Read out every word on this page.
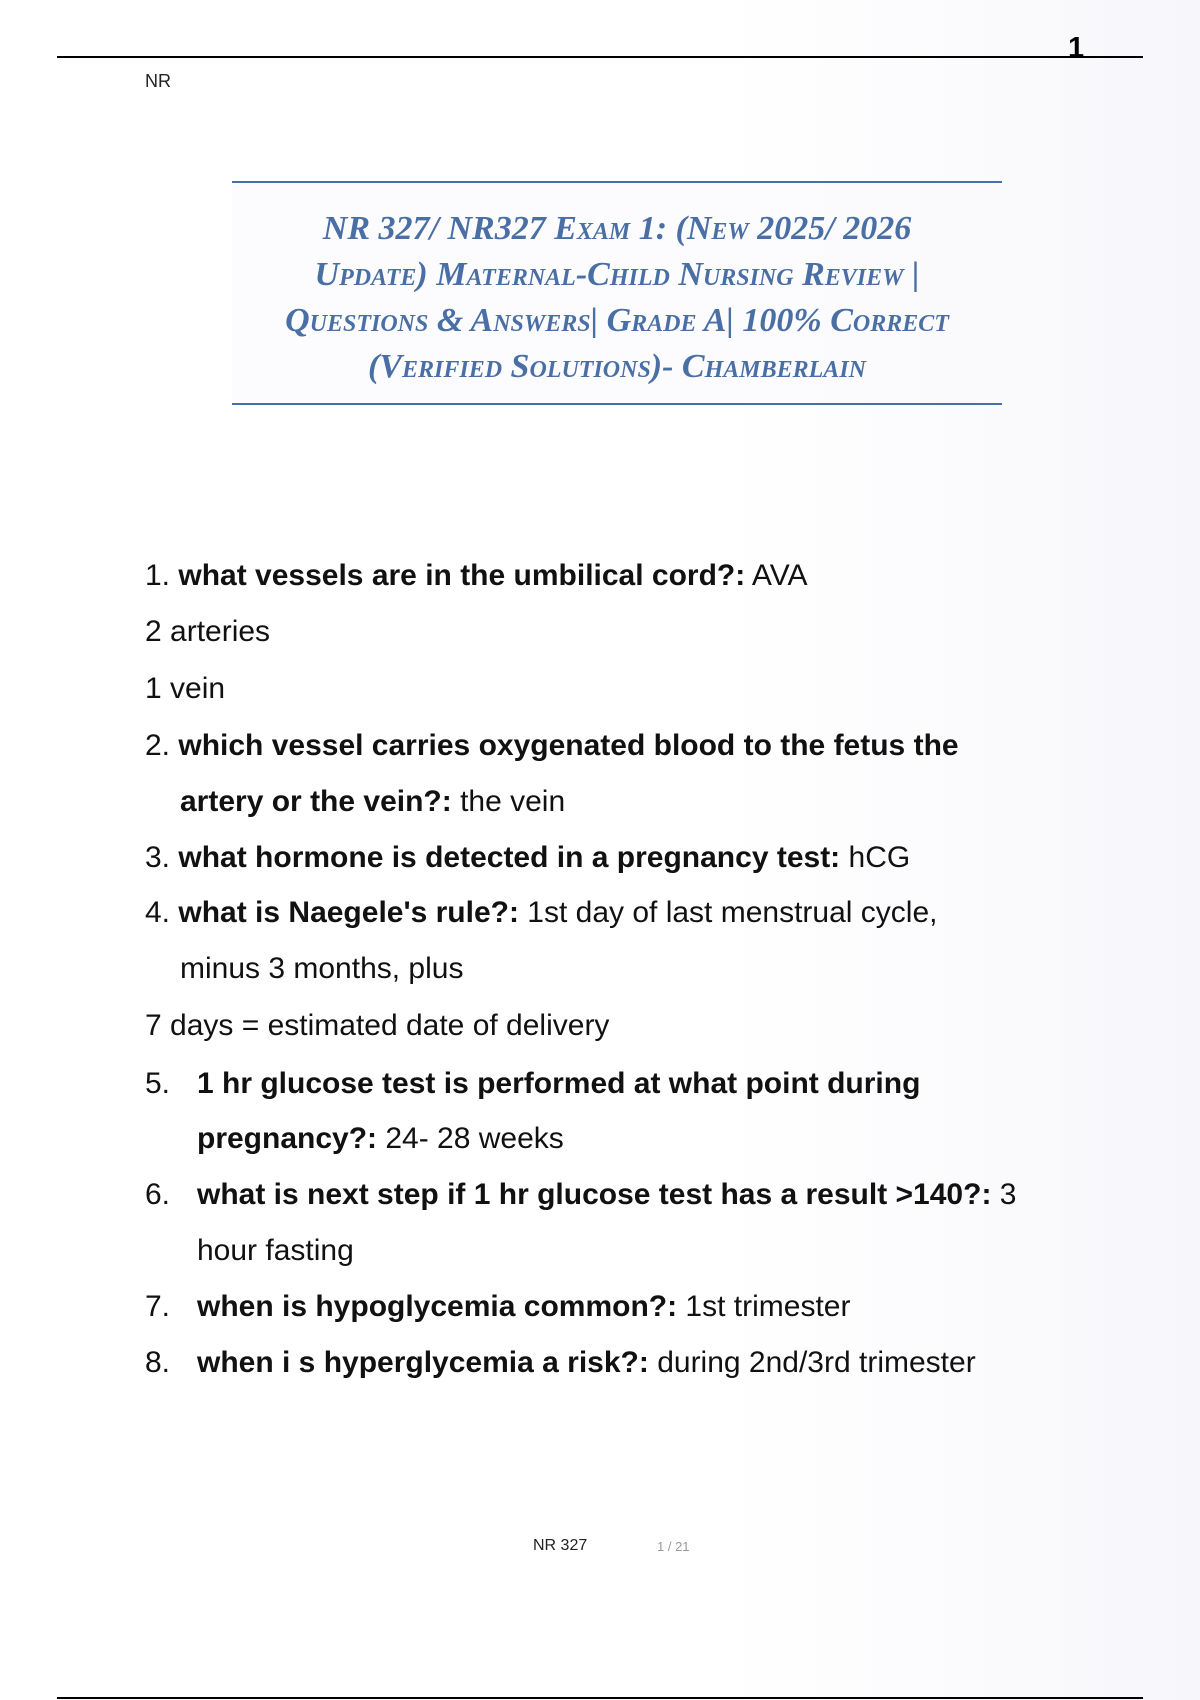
1
NR
NR 327/ NR327 Exam 1: (New 2025/ 2026
Update) Maternal-Child Nursing Review |
Questions & Answers| Grade A| 100% Correct
(Verified Solutions)- Chamberlain
1. what vessels are in the umbilical cord?: AVA
2 arteries
1 vein
2. which vessel carries oxygenated blood to the fetus the
artery or the vein?: the vein
3. what hormone is detected in a pregnancy test: hCG
4. what is Naegele's rule?: 1st day of last menstrual cycle,
minus 3 months, plus
7 days = estimated date of delivery
5. 1 hr glucose test is performed at what point during
pregnancy?: 24- 28 weeks
6. what is next step if 1 hr glucose test has a result >140?: 3
hour fasting
7. when is hypoglycemia common?: 1st trimester
8. when i s hyperglycemia a risk?: during 2nd/3rd trimester
NR 327	1 / 21
